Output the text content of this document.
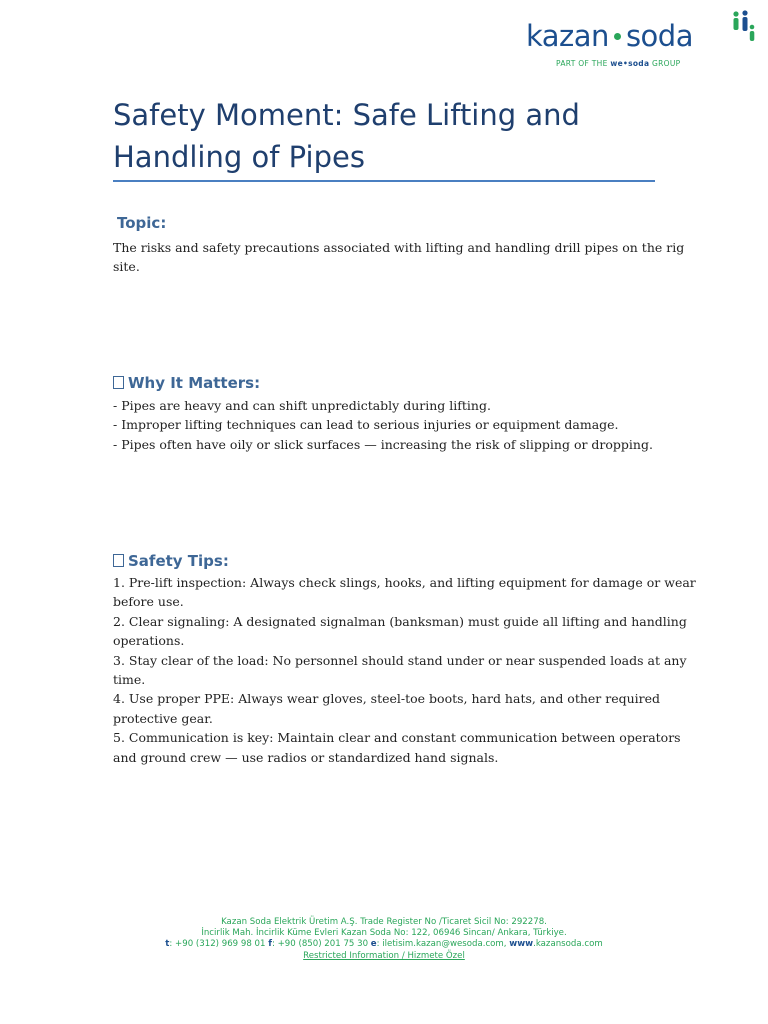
kazan soda
PART OF THE we•soda GROUP
Safety Moment: Safe Lifting and
Handling of Pipes
Topic:
The risks and safety precautions associated with lifting and handling drill pipes on the rig
site.
Why It Matters:
- Pipes are heavy and can shift unpredictably during lifting.
- Improper lifting techniques can lead to serious injuries or equipment damage.
- Pipes often have oily or slick surfaces — increasing the risk of slipping or dropping.
Safety Tips:
1. Pre-lift inspection: Always check slings, hooks, and lifting equipment for damage or wear
before use.
2. Clear signaling: A designated signalman (banksman) must guide all lifting and handling
operations.
3. Stay clear of the load: No personnel should stand under or near suspended loads at any
time.
4. Use proper PPE: Always wear gloves, steel-toe boots, hard hats, and other required
protective gear.
5. Communication is key: Maintain clear and constant communication between operators
and ground crew — use radios or standardized hand signals.
Kazan Soda Elektrik Üretim A.Ş. Trade Register No /Ticaret Sicil No: 292278.
İncirlik Mah. İncirlik Küme Evleri Kazan Soda No: 122, 06946 Sincan/ Ankara, Türkiye.
t: +90 (312) 969 98 01 f: +90 (850) 201 75 30 e: iletisim.kazan@wesoda.com, www.kazansoda.com
Restricted Information / Hizmete Özel
